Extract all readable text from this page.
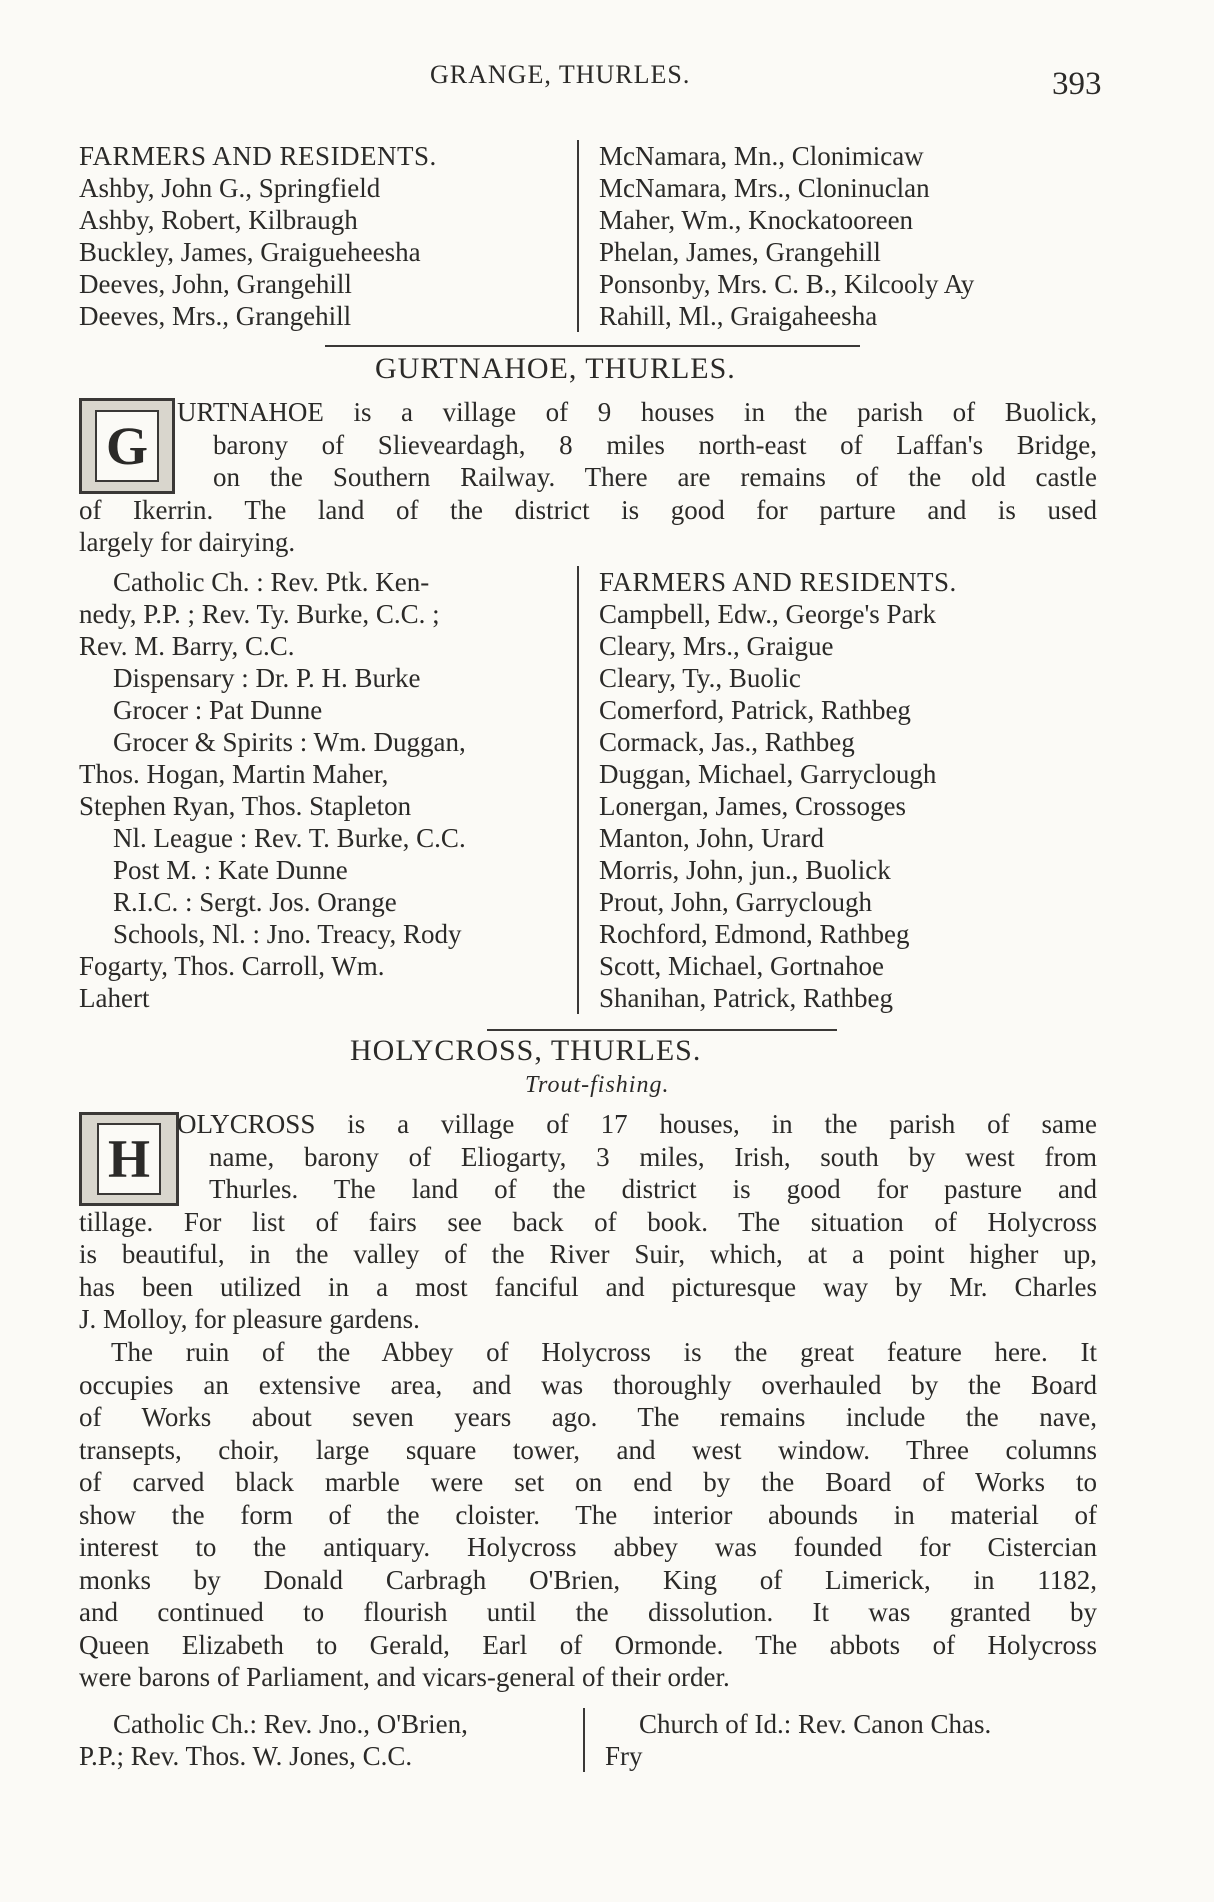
GRANGE, THURLES.	393
FARMERS AND RESIDENTS.
Ashby, John G., Springfield
Ashby, Robert, Kilbraugh
Buckley, James, Graigueheesha
Deeves, John, Grangehill
Deeves, Mrs., Grangehill
McNamara, Mn., Clonimicaw
McNamara, Mrs., Cloninuclan
Maher, Wm., Knockatooreen
Phelan, James, Grangehill
Ponsonby, Mrs. C. B., Kilcooly Ay
Rahill, Ml., Graigaheesha
GURTNAHOE, THURLES.
G
URTNAHOE is a village of 9 houses in the parish of Buolick,
barony of Slieveardagh, 8 miles north-east of Laffan's Bridge,
on the Southern Railway. There are remains of the old castle
of Ikerrin. The land of the district is good for parture and is used
largely for dairying.
Catholic Ch. : Rev. Ptk. Ken-
nedy, P.P. ; Rev. Ty. Burke, C.C. ;
Rev. M. Barry, C.C.
Dispensary : Dr. P. H. Burke
Grocer : Pat Dunne
Grocer & Spirits : Wm. Duggan,
Thos. Hogan, Martin Maher,
Stephen Ryan, Thos. Stapleton
Nl. League : Rev. T. Burke, C.C.
Post M. : Kate Dunne
R.I.C. : Sergt. Jos. Orange
Schools, Nl. : Jno. Treacy, Rody
Fogarty, Thos. Carroll, Wm.
Lahert
FARMERS AND RESIDENTS.
Campbell, Edw., George's Park
Cleary, Mrs., Graigue
Cleary, Ty., Buolic
Comerford, Patrick, Rathbeg
Cormack, Jas., Rathbeg
Duggan, Michael, Garryclough
Lonergan, James, Crossoges
Manton, John, Urard
Morris, John, jun., Buolick
Prout, John, Garryclough
Rochford, Edmond, Rathbeg
Scott, Michael, Gortnahoe
Shanihan, Patrick, Rathbeg
HOLYCROSS, THURLES.
Trout-fishing.
H
OLYCROSS is a village of 17 houses, in the parish of same
name, barony of Eliogarty, 3 miles, Irish, south by west from
Thurles. The land of the district is good for pasture and
tillage. For list of fairs see back of book. The situation of Holycross
is beautiful, in the valley of the River Suir, which, at a point higher up,
has been utilized in a most fanciful and picturesque way by Mr. Charles
J. Molloy, for pleasure gardens.
The ruin of the Abbey of Holycross is the great feature here. It
occupies an extensive area, and was thoroughly overhauled by the Board
of Works about seven years ago. The remains include the nave,
transepts, choir, large square tower, and west window. Three columns
of carved black marble were set on end by the Board of Works to
show the form of the cloister. The interior abounds in material of
interest to the antiquary. Holycross abbey was founded for Cistercian
monks by Donald Carbragh O'Brien, King of Limerick, in 1182,
and continued to flourish until the dissolution. It was granted by
Queen Elizabeth to Gerald, Earl of Ormonde. The abbots of Holycross
were barons of Parliament, and vicars-general of their order.
Catholic Ch.: Rev. Jno., O'Brien,
P.P.; Rev. Thos. W. Jones, C.C.
Church of Id.: Rev. Canon Chas.
Fry
